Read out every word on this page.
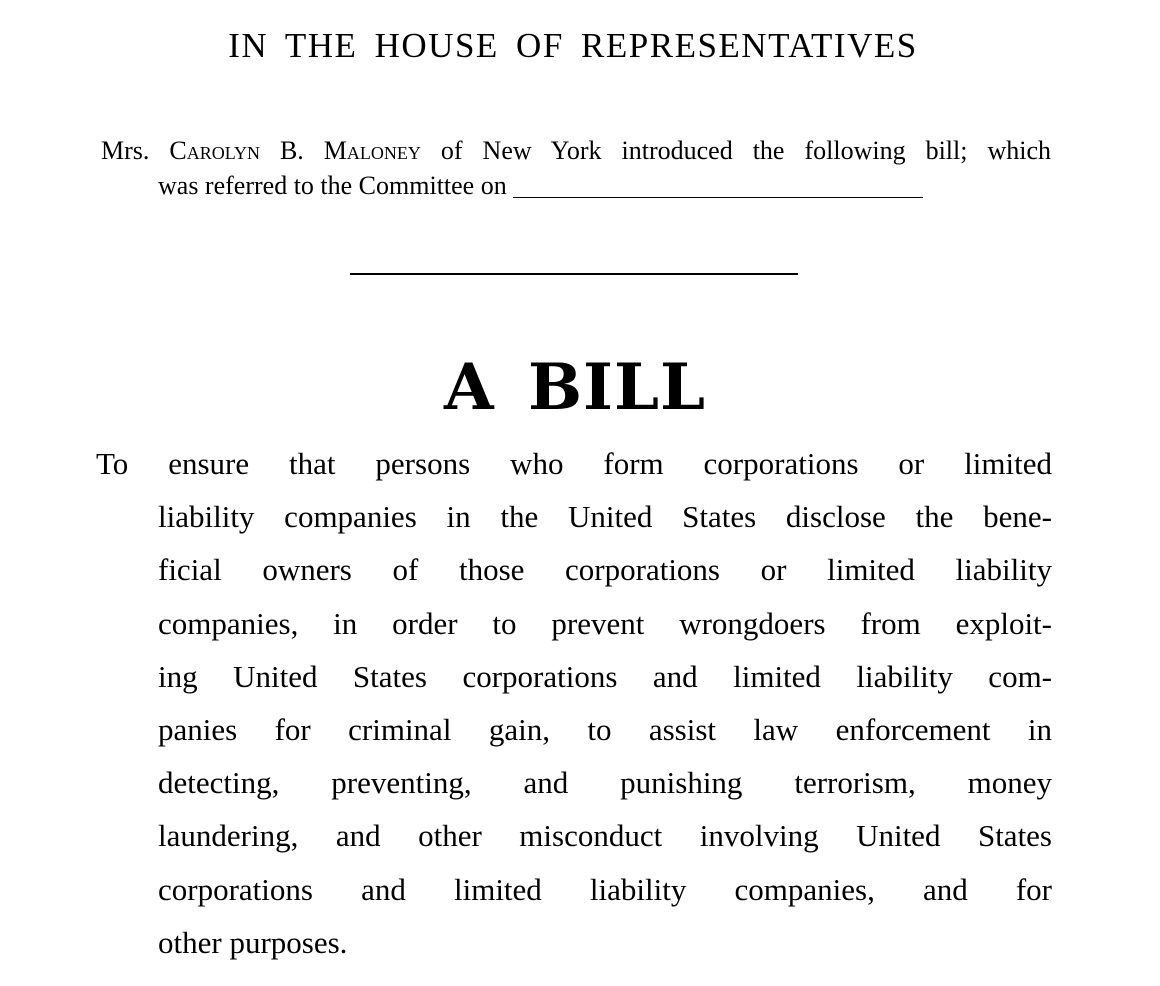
IN THE HOUSE OF REPRESENTATIVES
Mrs. Carolyn B. Maloney of New York introduced the following bill; which
was referred to the Committee on
A BILL
To ensure that persons who form corporations or limited
liability companies in the United States disclose the bene-
ficial owners of those corporations or limited liability
companies, in order to prevent wrongdoers from exploit-
ing United States corporations and limited liability com-
panies for criminal gain, to assist law enforcement in
detecting, preventing, and punishing terrorism, money
laundering, and other misconduct involving United States
corporations and limited liability companies, and for
other purposes.
